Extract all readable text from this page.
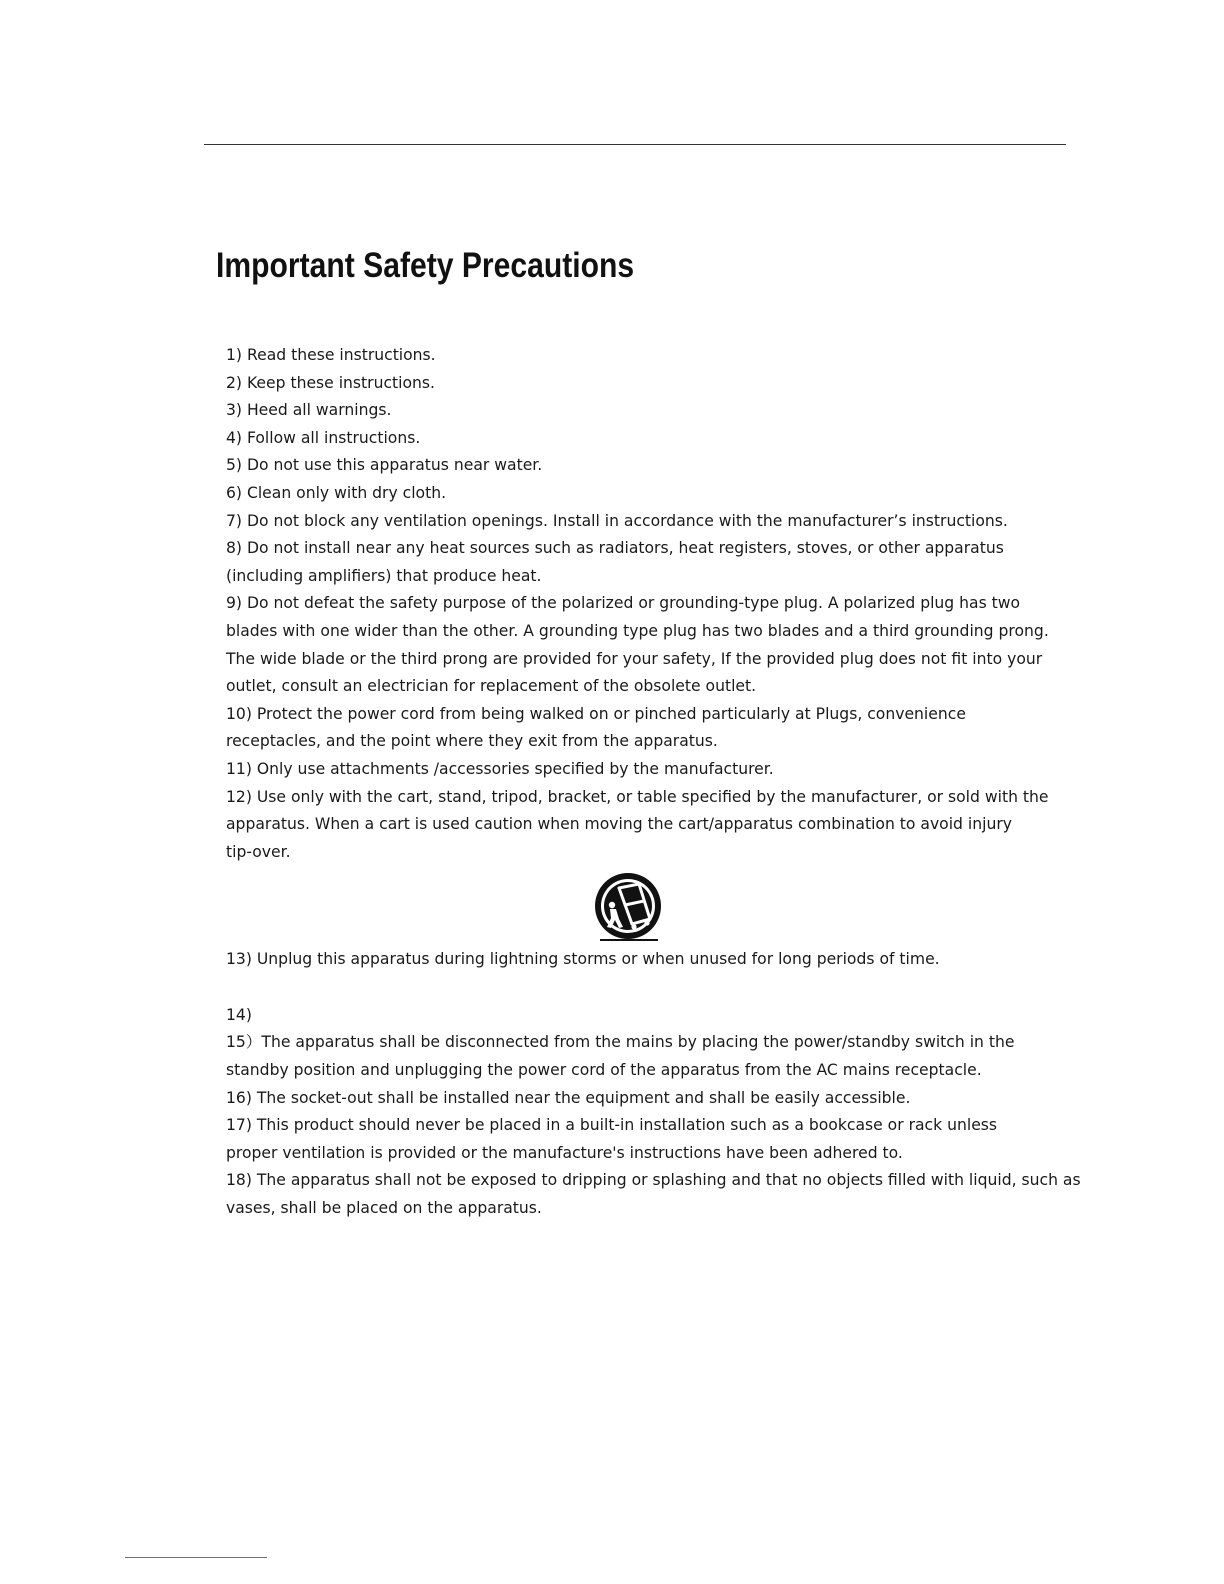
Important Safety Precautions
1) Read these instructions.
2) Keep these instructions.
3) Heed all warnings.
4) Follow all instructions.
5) Do not use this apparatus near water.
6) Clean only with dry cloth.
7) Do not block any ventilation openings. Install in accordance with the manufacturer’s instructions.
8) Do not install near any heat sources such as radiators, heat registers, stoves, or other apparatus
(including amplifiers) that produce heat.
9) Do not defeat the safety purpose of the polarized or grounding-type plug. A polarized plug has two
blades with one wider than the other. A grounding type plug has two blades and a third grounding prong.
The wide blade or the third prong are provided for your safety, If the provided plug does not fit into your
outlet, consult an electrician for replacement of the obsolete outlet.
10) Protect the power cord from being walked on or pinched particularly at Plugs, convenience
receptacles, and the point where they exit from the apparatus.
11) Only use attachments /accessories specified by the manufacturer.
12) Use only with the cart, stand, tripod, bracket, or table specified by the manufacturer, or sold with the
apparatus. When a cart is used caution when moving the cart/apparatus combination to avoid injury
tip-over.
13) Unplug this apparatus during lightning storms or when unused for long periods of time.
14)
15）The apparatus shall be disconnected from the mains by placing the power/standby switch in the
standby position and unplugging the power cord of the apparatus from the AC mains receptacle.
16) The socket-out shall be installed near the equipment and shall be easily accessible.
17) This product should never be placed in a built-in installation such as a bookcase or rack unless
proper ventilation is provided or the manufacture's instructions have been adhered to.
18) The apparatus shall not be exposed to dripping or splashing and that no objects filled with liquid, such as
vases, shall be placed on the apparatus.
